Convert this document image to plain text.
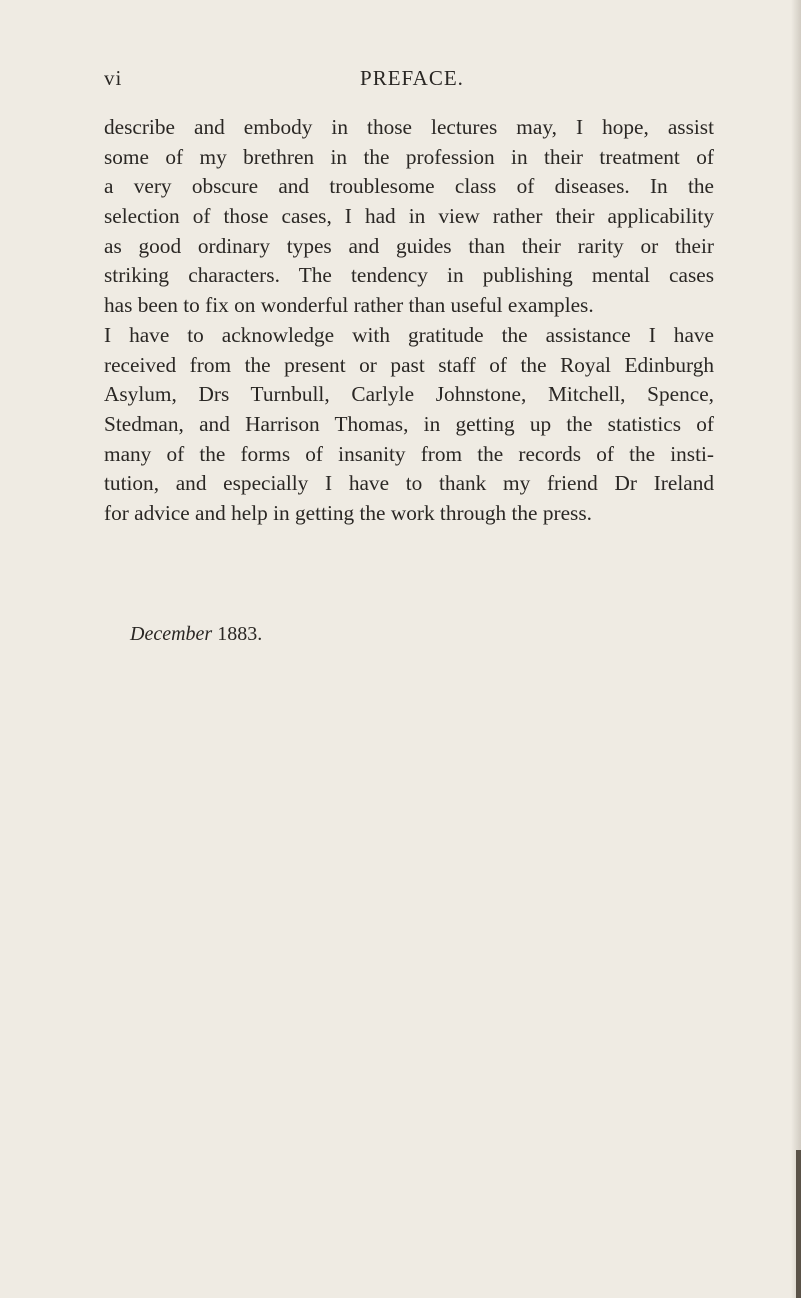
vi	PREFACE.
describe and embody in those lectures may, I hope, assist
some of my brethren in the profession in their treatment of
a very obscure and troublesome class of diseases. In the
selection of those cases, I had in view rather their applicability
as good ordinary types and guides than their rarity or their
striking characters. The tendency in publishing mental cases
has been to fix on wonderful rather than useful examples.
I have to acknowledge with gratitude the assistance I have
received from the present or past staff of the Royal Edinburgh
Asylum, Drs Turnbull, Carlyle Johnstone, Mitchell, Spence,
Stedman, and Harrison Thomas, in getting up the statistics of
many of the forms of insanity from the records of the insti-
tution, and especially I have to thank my friend Dr Ireland
for advice and help in getting the work through the press.
December 1883.
